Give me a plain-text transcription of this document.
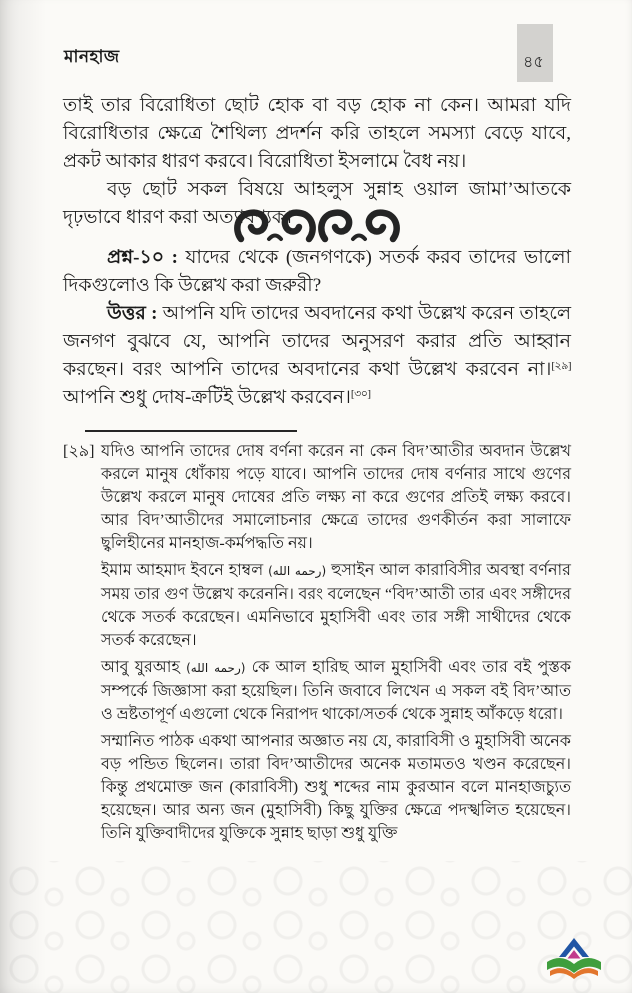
মানহাজ	৪৫

তাই তার বিরোধিতা ছোট হোক বা বড় হোক না কেন। আমরা যদি বিরোধিতার ক্ষেত্রে শৈথিল্য প্রদর্শন করি তাহলে সমস্যা বেড়ে যাবে, প্রকট আকার ধারণ করবে। বিরোধিতা ইসলামে বৈধ নয়।

বড় ছোট সকল বিষয়ে আহলুস সুন্নাহ ওয়াল জামা’আতকে দৃঢ়ভাবে ধারণ করা অত্যাবশ্যক।

প্রশ্ন-১০ : যাদের থেকে (জনগণকে) সতর্ক করব তাদের ভালো দিকগুলোও কি উল্লেখ করা জরুরী?

উত্তর : আপনি যদি তাদের অবদানের কথা উল্লেখ করেন তাহলে জনগণ বুঝবে যে, আপনি তাদের অনুসরণ করার প্রতি আহ্বান করছেন। বরং আপনি তাদের অবদানের কথা উল্লেখ করবেন না।[২৯] আপনি শুধু দোষ-ক্রটিই উল্লেখ করবেন।[৩০]

[২৯] যদিও আপনি তাদের দোষ বর্ণনা করেন না কেন বিদ’আতীর অবদান উল্লেখ করলে মানুষ ধোঁকায় পড়ে যাবে। আপনি তাদের দোষ বর্ণনার সাথে গুণের উল্লেখ করলে মানুষ দোষের প্রতি লক্ষ্য না করে গুণের প্রতিই লক্ষ্য করবে। আর বিদ’আতীদের সমালোচনার ক্ষেত্রে তাদের গুণকীর্তন করা সালাফে ছ্বলিহীনের মানহাজ-কর্মপদ্ধতি নয়।

ইমাম আহমাদ ইবনে হাম্বল (رحمه الله) হুসাইন আল কারাবিসীর অবস্থা বর্ণনার সময় তার গুণ উল্লেখ করেননি। বরং বলেছেন “বিদ’আতী তার এবং সঙ্গীদের থেকে সতর্ক করেছেন। এমনিভাবে মুহাসিবী এবং তার সঙ্গী সাথীদের থেকে সতর্ক করেছেন।

আবু যুরআহ (رحمه الله) কে আল হারিছ আল মুহাসিবী এবং তার বই পুস্তক সম্পর্কে জিজ্ঞাসা করা হয়েছিল। তিনি জবাবে লিখেন এ সকল বই বিদ’আত ও ভ্রষ্টতাপূর্ণ এগুলো থেকে নিরাপদ থাকো/সতর্ক থেকে সুন্নাহ আঁকড়ে ধরো।

সম্মানিত পাঠক একথা আপনার অজ্ঞাত নয় যে, কারাবিসী ও মুহাসিবী অনেক বড় পন্ডিত ছিলেন। তারা বিদ’আতীদের অনেক মতামতও খণ্ডন করেছেন। কিন্তু প্রথমোক্ত জন (কারাবিসী) শুধু শব্দের নাম কুরআন বলে মানহাজচ্যুত হয়েছেন। আর অন্য জন (মুহাসিবী) কিছু যুক্তির ক্ষেত্রে পদস্খলিত হয়েছেন। তিনি যুক্তিবাদীদের যুক্তিকে সুন্নাহ ছাড়া শুধু যুক্তি
